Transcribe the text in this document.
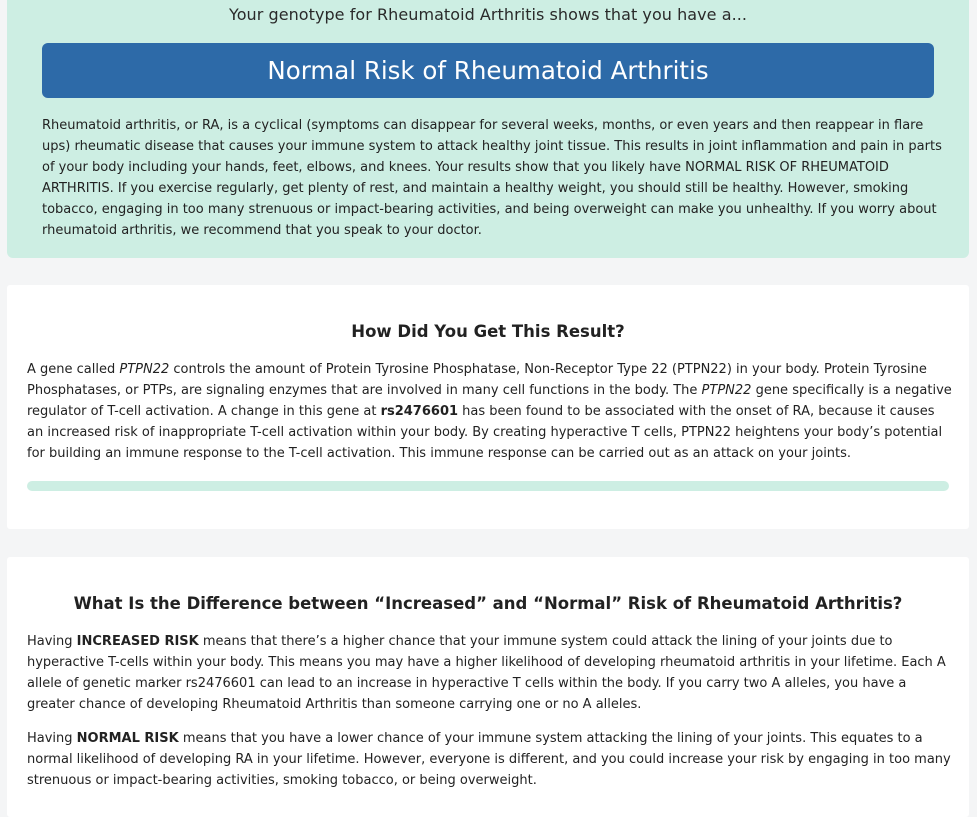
Your genotype for Rheumatoid Arthritis shows that you have a...
Normal Risk of Rheumatoid Arthritis

Rheumatoid arthritis, or RA, is a cyclical (symptoms can disappear for several weeks, months, or even years and then reappear in flare ups) rheumatic disease that causes your immune system to attack healthy joint tissue. This results in joint inflammation and pain in parts of your body including your hands, feet, elbows, and knees. Your results show that you likely have NORMAL RISK OF RHEUMATOID ARTHRITIS. If you exercise regularly, get plenty of rest, and maintain a healthy weight, you should still be healthy. However, smoking tobacco, engaging in too many strenuous or impact-bearing activities, and being overweight can make you unhealthy. If you worry about rheumatoid arthritis, we recommend that you speak to your doctor.

How Did You Get This Result?

A gene called PTPN22 controls the amount of Protein Tyrosine Phosphatase, Non-Receptor Type 22 (PTPN22) in your body. Protein Tyrosine Phosphatases, or PTPs, are signaling enzymes that are involved in many cell functions in the body. The PTPN22 gene specifically is a negative regulator of T-cell activation. A change in this gene at rs2476601 has been found to be associated with the onset of RA, because it causes an increased risk of inappropriate T-cell activation within your body. By creating hyperactive T cells, PTPN22 heightens your body’s potential for building an immune response to the T-cell activation. This immune response can be carried out as an attack on your joints.

What Is the Difference between “Increased” and “Normal” Risk of Rheumatoid Arthritis?

Having INCREASED RISK means that there’s a higher chance that your immune system could attack the lining of your joints due to hyperactive T-cells within your body. This means you may have a higher likelihood of developing rheumatoid arthritis in your lifetime. Each A allele of genetic marker rs2476601 can lead to an increase in hyperactive T cells within the body. If you carry two A alleles, you have a greater chance of developing Rheumatoid Arthritis than someone carrying one or no A alleles.

Having NORMAL RISK means that you have a lower chance of your immune system attacking the lining of your joints. This equates to a normal likelihood of developing RA in your lifetime. However, everyone is different, and you could increase your risk by engaging in too many strenuous or impact-bearing activities, smoking tobacco, or being overweight.
